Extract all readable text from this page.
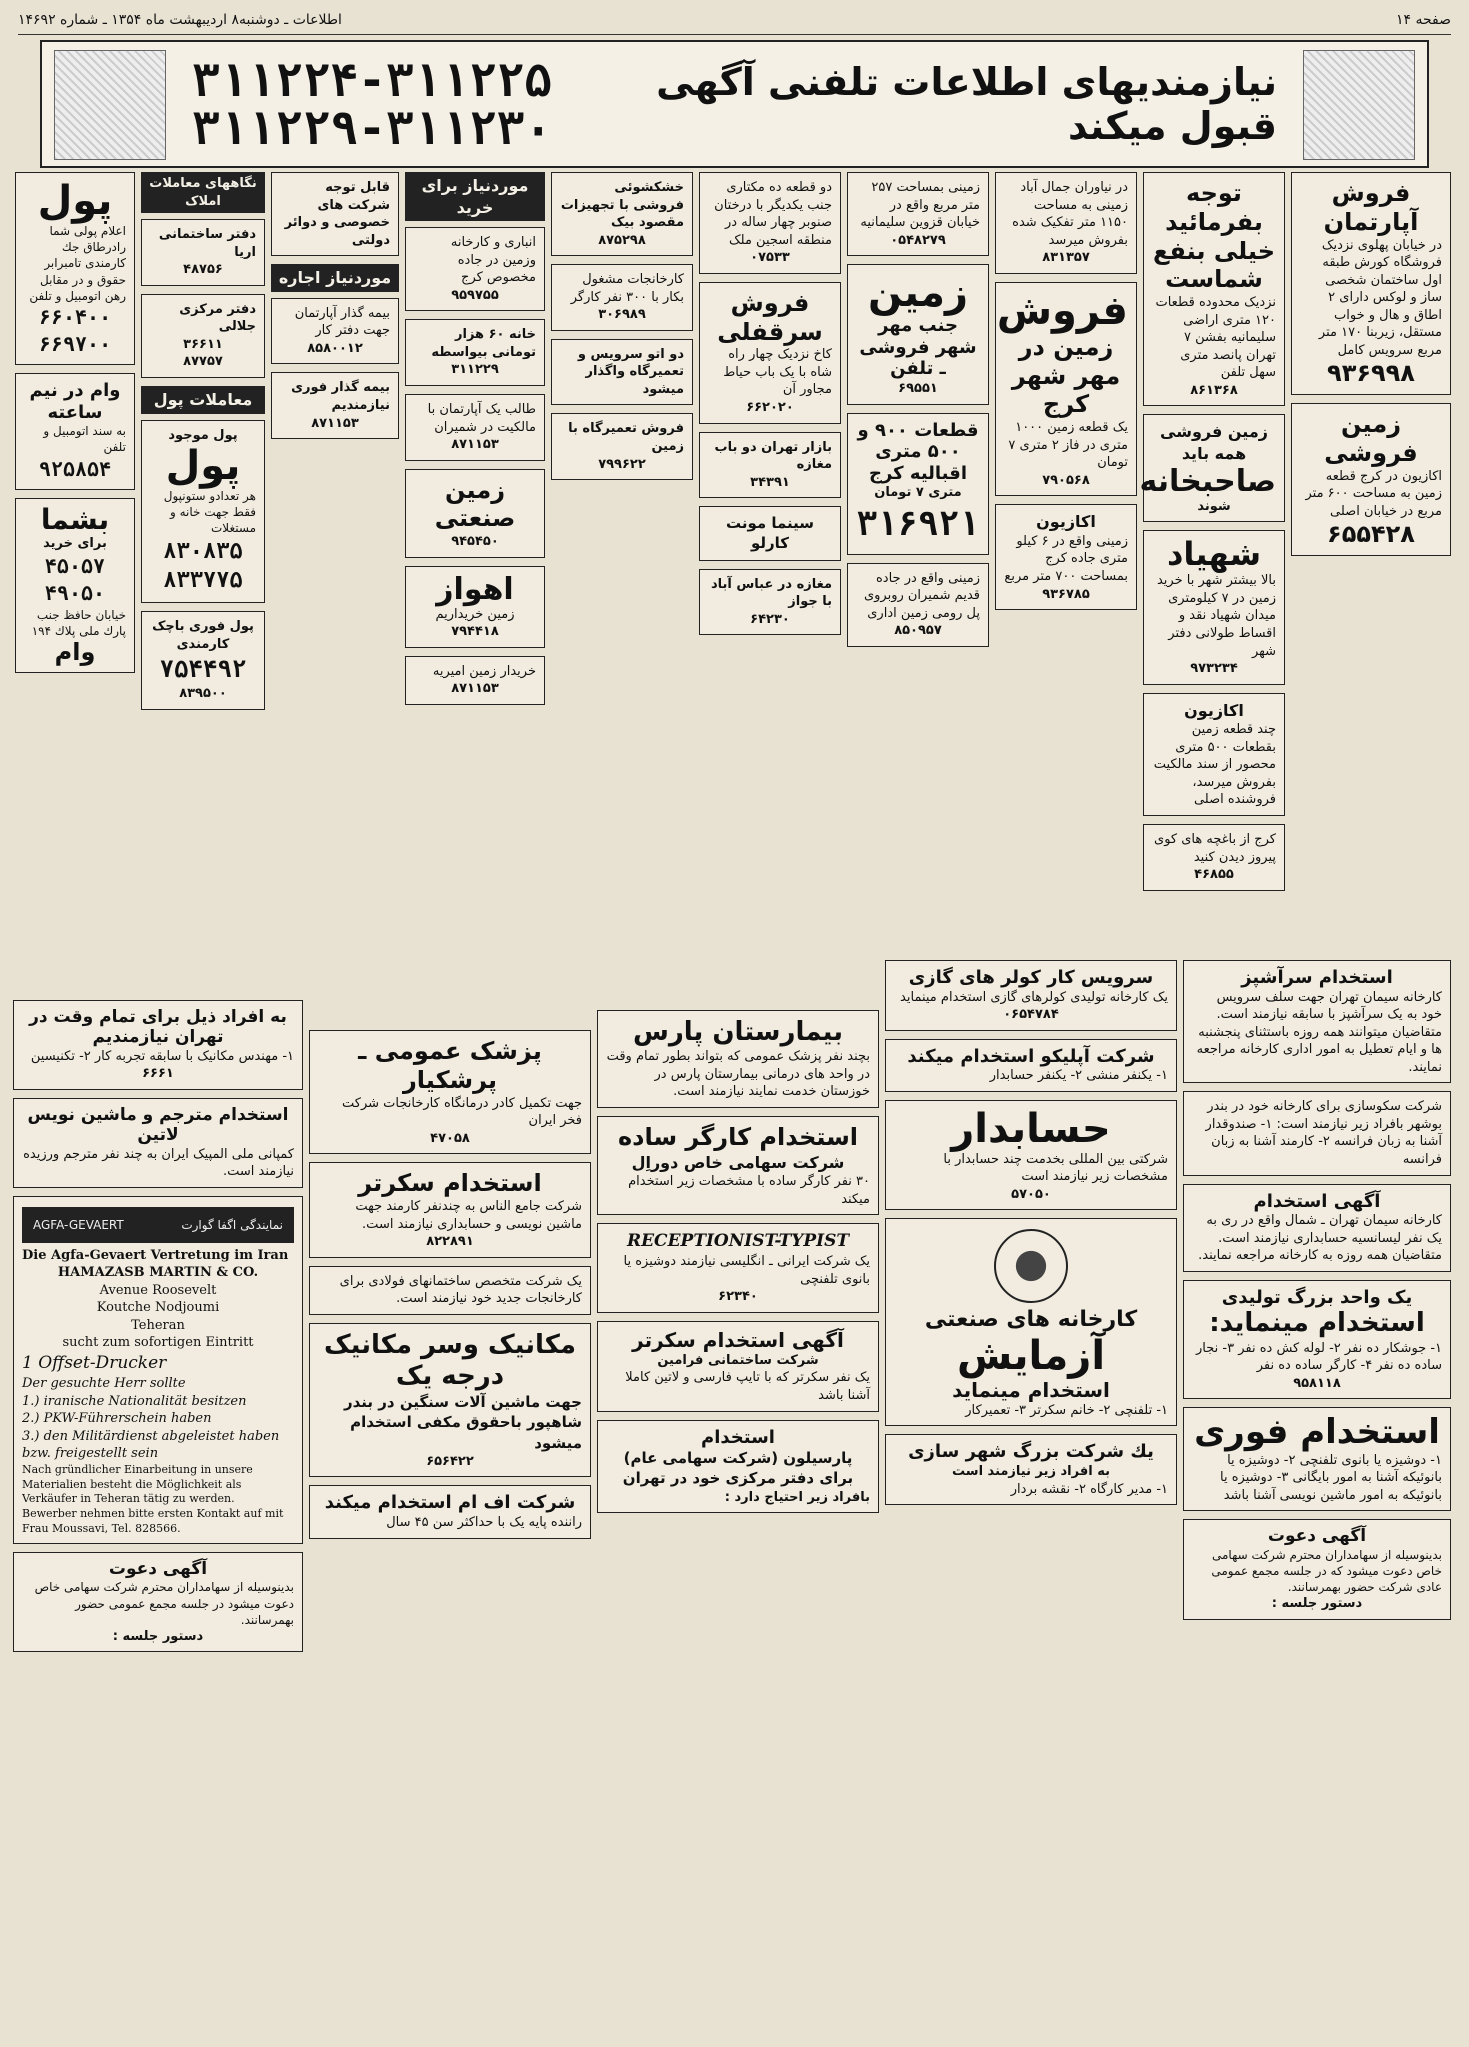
صفحه ۱۴
اطلاعات ـ دوشنبه۸ اردیبهشت ماه ۱۳۵۴ ـ شماره ۱۴۶۹۲
نیازمندیهای اطلاعات تلفنی آگهی قبول میکند
۳۱۱۲۲۴-۳۱۱۲۲۵
۳۱۱۲۲۹-۳۱۱۲۳۰
فروش آپارتمان
در خیابان پهلوی نزدیک فروشگاه کورش طبقه اول ساختمان شخصی ساز و لوکس دارای ۲ اطاق و هال و خواب مستقل، زیربنا ۱۷۰ متر مربع سرویس کامل
۹۳۶۹۹۸
زمین فروشی
اکازیون در کرج قطعه زمین به مساحت ۶۰۰ متر مربع در خیابان اصلی
۶۵۵۴۲۸
توجه بفرمائید خیلی بنفع شماست
نزدیک محدوده قطعات ۱۲۰ متری اراضی سلیمانیه بفشن ۷ تهران پانصد متری سهل تلفن
۸۶۱۳۶۸
زمین فروشی همه باید
صاحبخانه
شوند
شهیاد
بالا بیشتر شهر با خرید زمین در ۷ کیلومتری میدان شهیاد نقد و اقساط طولانی دفتر شهر
۹۷۳۲۳۴
اکازیون
چند قطعه زمین بقطعات ۵۰۰ متری محصور از سند مالکیت بفروش میرسد، فروشنده اصلی
کرج از باغچه های کوی پیروز دیدن کنید
۴۶۸۵۵
در نیاوران جمال آباد زمینی به مساحت ۱۱۵۰ متر تفکیک شده بفروش میرسد
۸۳۱۳۵۷
فروش
زمین در مهر شهر کرج
یک قطعه زمین ۱۰۰۰ متری در فاز ۲ متری ۷ تومان
۷۹۰۵۶۸
اکازیون
زمینی واقع در ۶ کیلو متری جاده کرج بمساحت ۷۰۰ متر مربع
۹۳۶۷۸۵
زمینی بمساحت ۲۵۷ متر مربع واقع در خیابان قزوین سلیمانیه
۰۵۴۸۲۷۹
زمین
جنب مهر شهر فروشی ـ تلفن
۶۹۵۵۱
قطعات ۹۰۰ و ۵۰۰ متری اقبالیه کرج
متری ۷ تومان
۳۱۶۹۲۱
زمینی واقع در جاده قدیم شمیران روبروی پل رومی زمین اداری
۸۵۰۹۵۷
دو قطعه ده مکتاری جنب یکدیگر با درختان صنوبر چهار ساله در منطقه اسجین ملک
۰۷۵۳۳
فروش سرقفلی
کاخ نزدیک چهار راه شاه با یک باب حیاط مجاور آن
۶۶۲۰۲۰
بازار تهران دو باب مغازه
۳۴۳۹۱
سینما مونت کارلو
مغازه در عباس آباد با جواز
۶۴۲۳۰
خشکشوئی فروشی با تجهیزات مقصود بیک
۸۷۵۲۹۸
کارخانجات مشغول بکار با ۳۰۰ نفر کارگر
۳۰۶۹۸۹
دو اتو سرویس و تعمیرگاه واگذار میشود
فروش تعمیرگاه با زمین
۷۹۹۶۲۲
موردنیاز برای خرید
انباری و کارخانه وزمین در جاده مخصوص کرج
۹۵۹۷۵۵
خانه ۶۰ هزار تومانی بیواسطه
۳۱۱۲۲۹
طالب یک آپارتمان با مالکیت در شمیران
۸۷۱۱۵۳
زمین صنعتی
۹۴۵۴۵۰
اهواز
زمین خریداریم
۷۹۴۴۱۸
خریدار زمین امیریه
۸۷۱۱۵۳
قابل توجه شرکت های خصوصی و دوائر دولتی
موردنیاز اجاره
بیمه گذار آپارتمان جهت دفتر کار
۸۵۸۰۰۱۲
بیمه گذار فوری نیازمندیم
۸۷۱۱۵۳
نگاههای معاملات املاک
دفتر ساختمانی اریا
۴۸۷۵۶
دفتر مرکزی جلالی
۳۶۶۱۱
۸۷۷۵۷
معاملات پول
پول موجود
پول
هر تعدادو ستونپول فقط جهت خانه و مستغلات
۸۳۰۸۳۵
۸۳۳۷۷۵
پول فوری باچک کارمندی
۷۵۴۴۹۲
۸۳۹۵۰۰
پول
اعلام پولی شما رادرطاق جك كارمندی تامبرابر حقوق و در مقابل رهن اتومبيل و تلفن
۶۶۰۴۰۰
۶۶۹۷۰۰
وام در نیم ساعته
به سند اتومبیل و تلفن
۹۲۵۸۵۴
بشما
برای خرید
۴۵۰۵۷
۴۹۰۵۰
خیابان حافظ جنب پارك ملی پلاك ۱۹۴
وام
به افراد ذیل برای تمام وقت در تهران نیازمندیم
۱- مهندس مکانیک با سابقه تجربه کار ۲- تکنیسین
۶۶۶۱
استخدام مترجم و ماشین نویس لاتین
کمپانی ملی المپیک ایران به چند نفر مترجم ورزیده نیازمند است.
نمایندگی اگفا گوارت
AGFA-GEVAERT
Die Agfa-Gevaert Vertretung im Iran
HAMAZASB MARTIN & CO.
Avenue Roosevelt
Koutche Nodjoumi
Teheran
sucht zum sofortigen Eintritt
1 Offset-Drucker
Der gesuchte Herr sollte
1.) iranische Nationalität besitzen
2.) PKW-Führerschein haben
3.) den Militärdienst abgeleistet haben bzw. freigestellt sein
Nach gründlicher Einarbeitung in unsere Materialien besteht die Möglichkeit als Verkäufer in Teheran tätig zu werden.
Bewerber nehmen bitte ersten Kontakt auf mit Frau Moussavi, Tel. 828566.
آگهی دعوت
بدینوسیله از سهامداران محترم شرکت سهامی خاص دعوت میشود در جلسه مجمع عمومی حضور بهمرسانند.
دستور جلسه :
پزشک عمومی ـ پرشکیار
جهت تکمیل کادر درمانگاه کارخانجات شرکت فخر ایران
۴۷۰۵۸
استخدام سکرتر
شرکت جامع الناس به چندنفر کارمند جهت ماشین نویسی و حسابداری نیازمند است.
۸۲۲۸۹۱
یک شرکت متخصص ساختمانهای فولادی برای کارخانجات جدید خود نیازمند است.
مکانیک وسر مکانیک درجه یک
جهت ماشین آلات سنگین در بندر شاهپور باحقوق مکفی استخدام میشود
۶۵۶۴۲۲
شرکت اف ام استخدام میکند
راننده پایه یک با حداکثر سن ۴۵ سال
بیمارستان پارس
بچند نفر پزشک عمومی که بتواند بطور تمام وقت در واحد های درمانی بیمارستان پارس در خوزستان خدمت نمایند نیازمند است.
استخدام کارگر ساده
شرکت سهامی خاص دوراِل
۳۰ نفر کارگر ساده با مشخصات زیر استخدام میکند
RECEPTIONIST-TYPIST
یک شرکت ایرانی ـ انگلیسی نیازمند دوشیزه یا بانوی تلفنچی
۶۲۳۴۰
آگهی استخدام سکرتر
شرکت ساختمانی فرامین
یک نفر سکرتر که با تایپ فارسی و لاتین کاملا آشنا باشد
استخدام
پارسیلون (شرکت سهامی عام) برای دفتر مرکزی خود در تهران
بافراد زیر احتیاج دارد :
سرویس کار کولر های گازی
یک کارخانه تولیدی کولرهای گازی استخدام مینماید
۰۶۵۴۷۸۴
شرکت آپلیکو استخدام میکند
۱- یکنفر منشی ۲- یکنفر حسابدار
حسابدار
شرکتی بین المللی بخدمت چند حسابدار با مشخصات زیر نیازمند است
۵۷۰۵۰
کارخانه های صنعتی
آزمایش
استخدام مینماید
۱- تلفنچی ۲- خانم سکرتر ۳- تعمیرکار
یك شرکت بزرگ شهر سازی
به افراد زیر نیازمند است
۱- مدیر کارگاه ۲- نقشه بردار
استخدام سرآشپز
کارخانه سیمان تهران جهت سلف سرویس خود به یک سرآشپز با سابقه نیازمند است. متقاضیان میتوانند همه روزه باستثنای پنجشنبه ها و ایام تعطیل به امور اداری کارخانه مراجعه نمایند.
شرکت سکوسازی برای کارخانه خود در بندر بوشهر بافراد زیر نیازمند است: ۱- صندوقدار آشنا به زبان فرانسه ۲- کارمند آشنا به زبان فرانسه
آگهی استخدام
کارخانه سیمان تهران ـ شمال واقع در ری به یک نفر لیسانسیه حسابداری نیازمند است. متقاضیان همه روزه به کارخانه مراجعه نمایند.
یک واحد بزرگ تولیدی
استخدام مینماید:
۱- جوشکار ده نفر ۲- لوله کش ده نفر ۳- نجار ساده ده نفر ۴- کارگر ساده ده نفر
۹۵۸۱۱۸
استخدام فوری
۱- دوشیزه یا بانوی تلفنچی ۲- دوشیزه یا بانوئیکه آشنا به امور بایگانی ۳- دوشیزه یا بانوئیکه به امور ماشین نویسی آشنا باشد
آگهی دعوت
بدینوسیله از سهامداران محترم شرکت سهامی خاص دعوت میشود که در جلسه مجمع عمومی عادی شرکت حضور بهمرسانند.
دستور جلسه :
